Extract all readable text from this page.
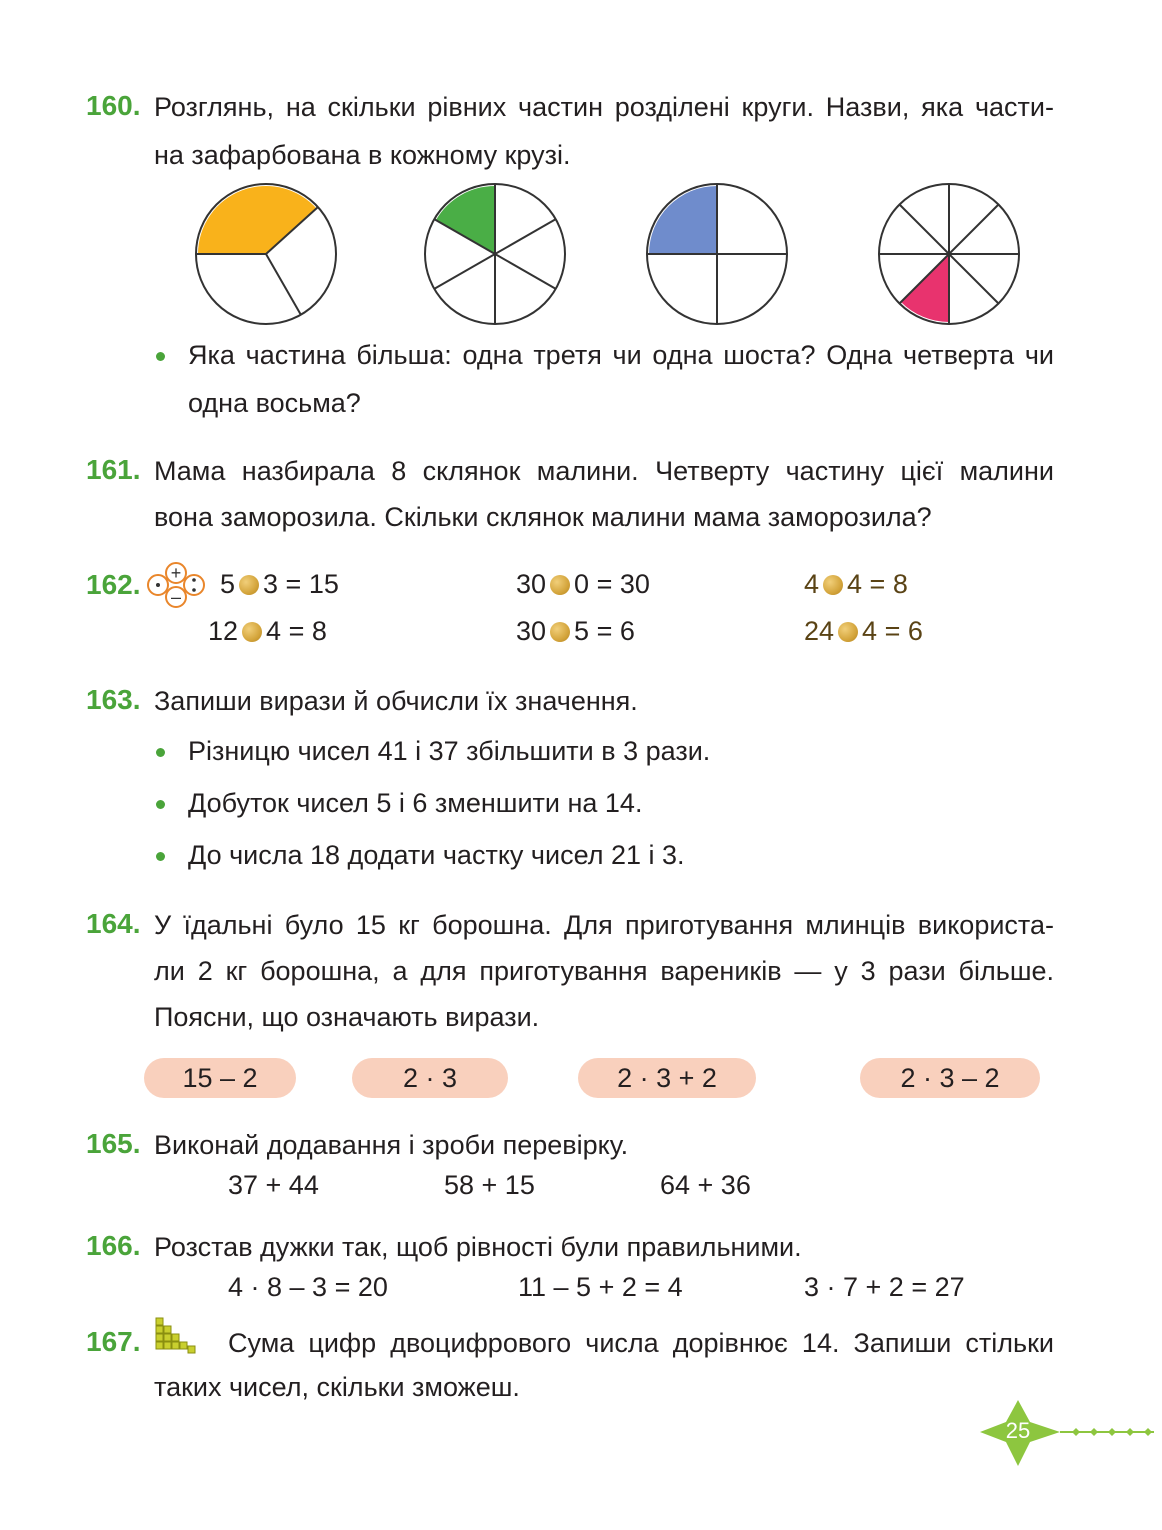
160. Розглянь, на скільки рівних частин розділені круги. Назви, яка части-
на зафарбована в кожному крузі.
Яка частина більша: одна третя чи одна шоста? Одна четверта чи
одна восьма?
161. Мама назбирала 8 склянок малини. Четверту частину цієї малини
вона заморозила. Скільки склянок малини мама заморозила?
162. +
– 5 3 = 15	30 0 = 30	4 4 = 8
12 4 = 8	30 5 = 6	24 4 = 6
163. Запиши вирази й обчисли їх значення.
Різницю чисел 41 і 37 збільшити в 3 рази.
Добуток чисел 5 і 6 зменшити на 14.
До числа 18 додати частку чисел 21 і 3.
164. У їдальні було 15 кг борошна. Для приготування млинців використа-
ли 2 кг борошна, а для приготування вареників — у 3 рази більше.
Поясни, що означають вирази.
15 – 2	2 · 3	2 · 3 + 2	2 · 3 – 2
165. Виконай додавання і зроби перевірку.
37 + 44	58 + 15	64 + 36
166. Розстав дужки так, щоб рівності були правильними.
4 · 8 – 3 = 20	11 – 5 + 2 = 4	3 · 7 + 2 = 27
167.	Сума цифр двоцифрового числа дорівнює 14. Запиши стільки
таких чисел, скільки зможеш.
25
